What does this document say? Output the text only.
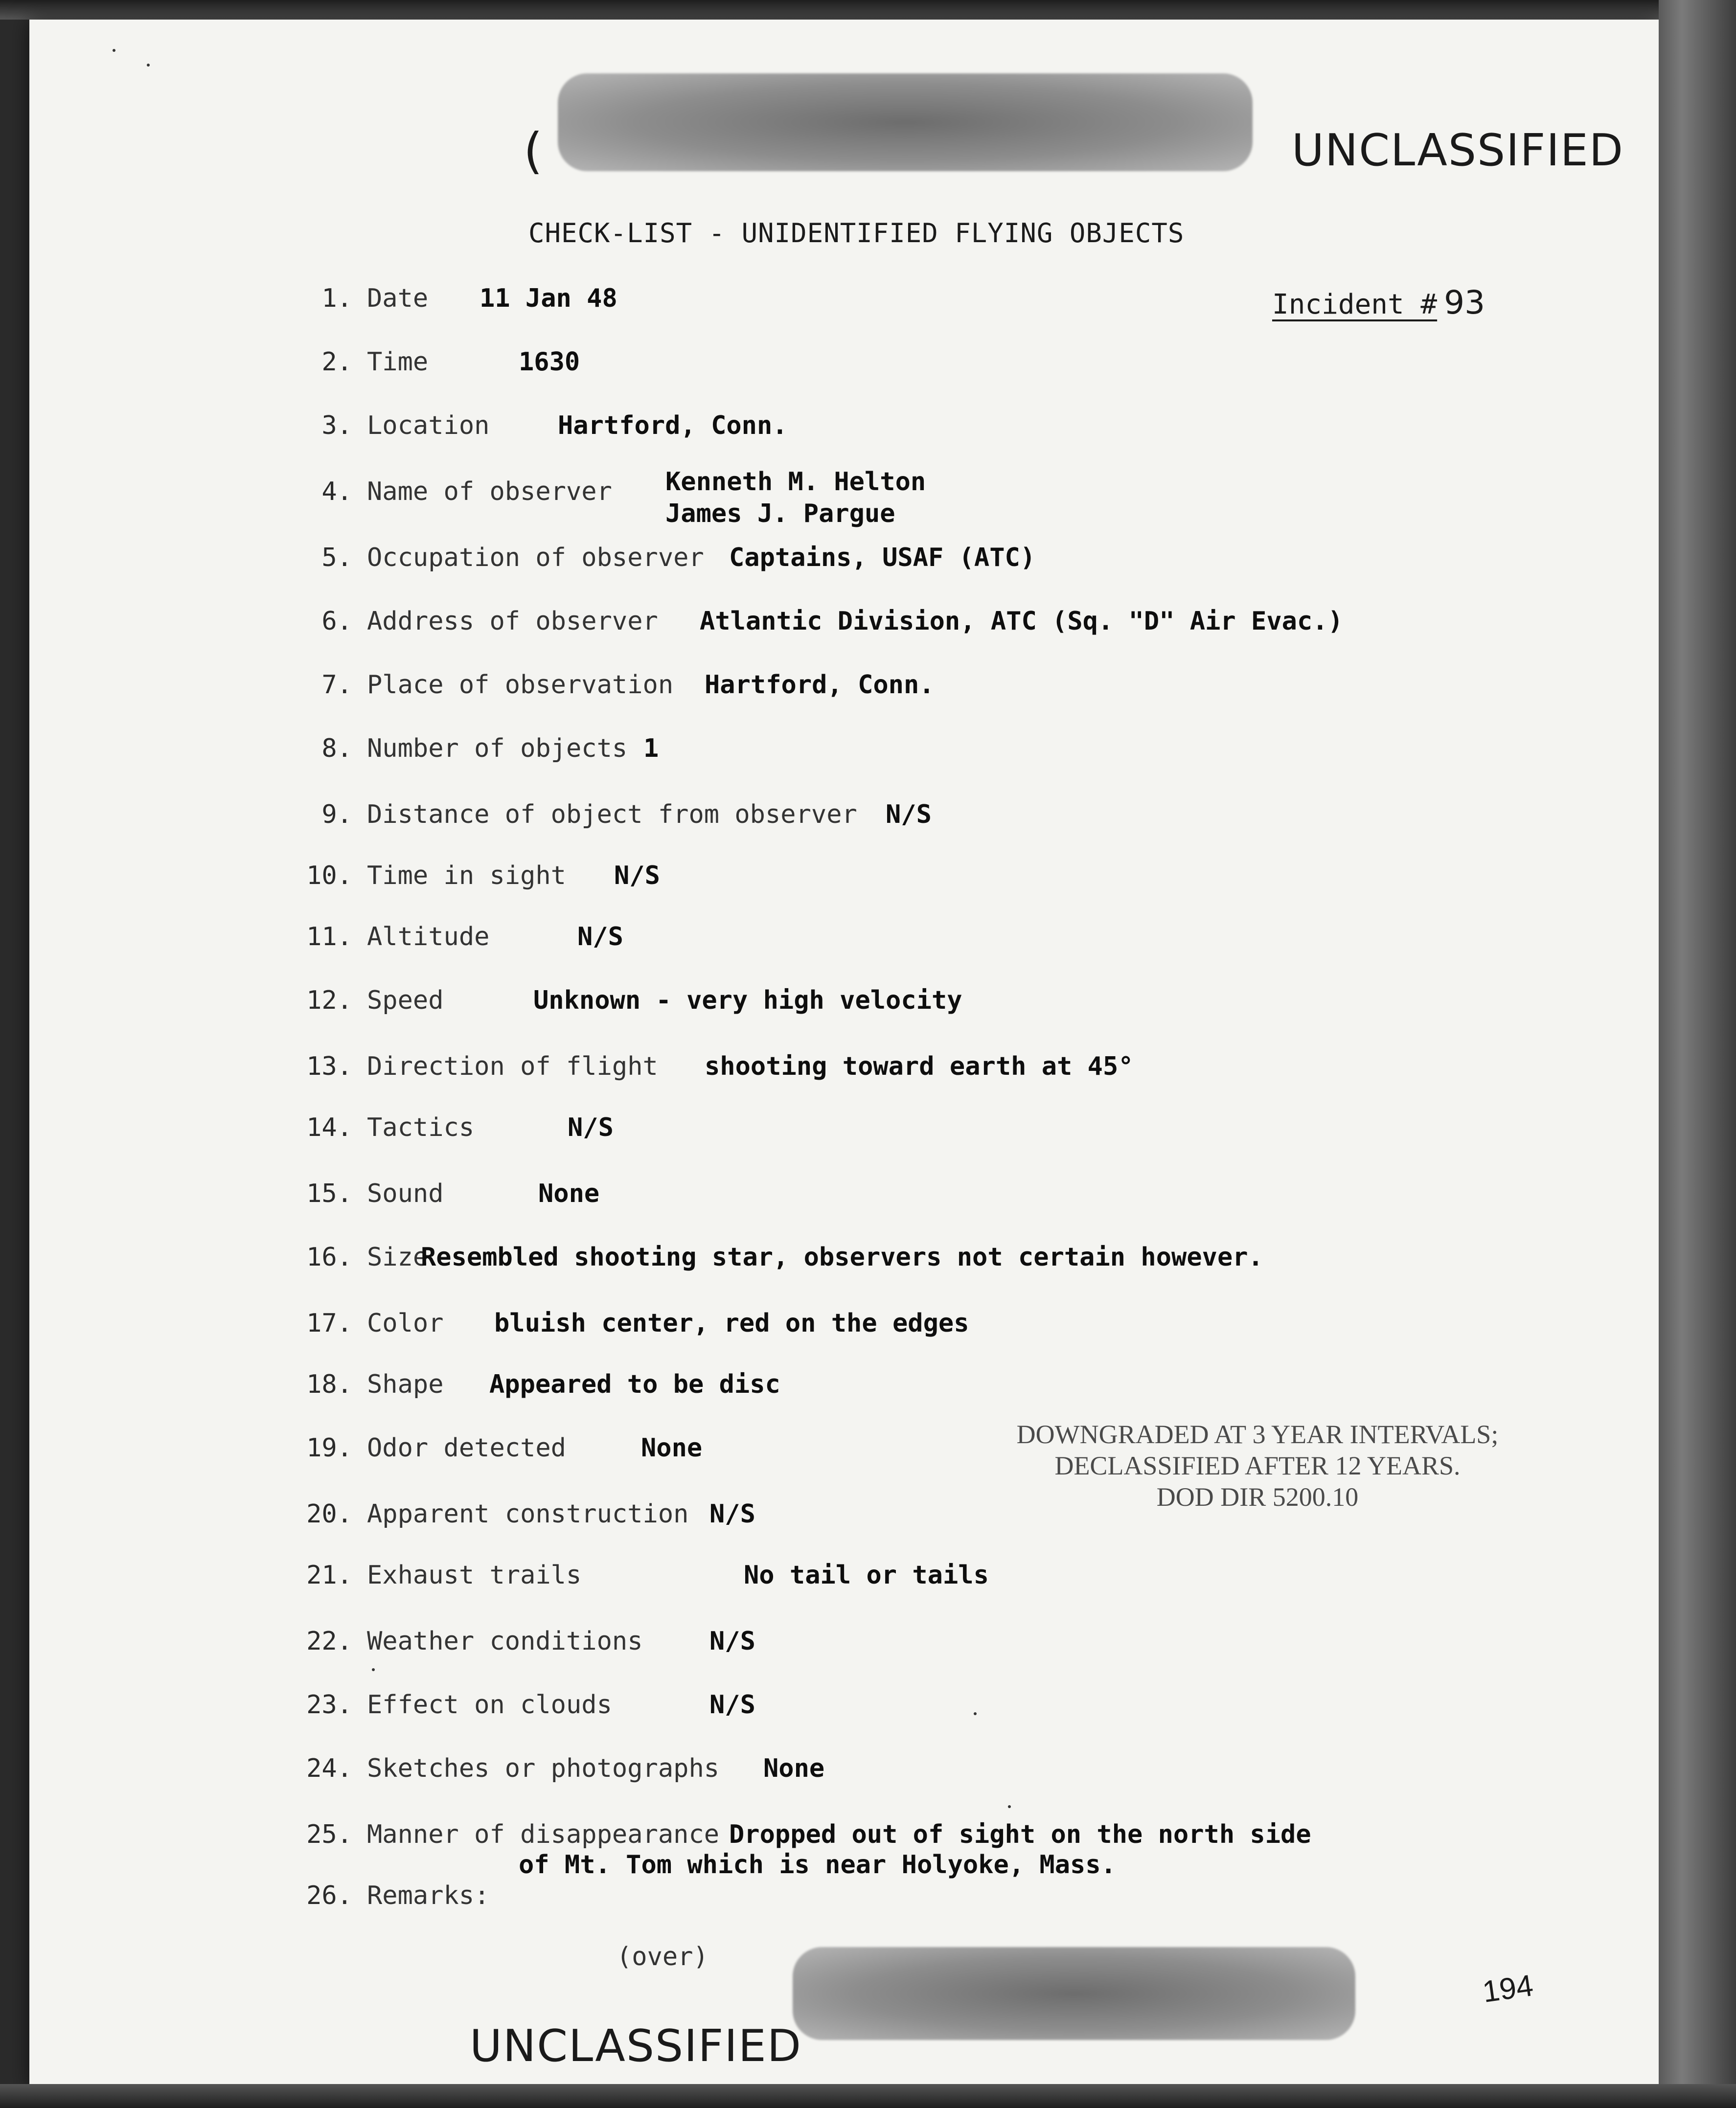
(	UNCLASSIFIED
CHECK-LIST - UNIDENTIFIED FLYING OBJECTS
Incident # 93
1. Date 11 Jan 48
2. Time	1630
3. Location	Hartford, Conn.
4. Name of observer Kenneth M. Helton
James J. Pargue
5. Occupation of observer Captains, USAF (ATC)
6. Address of observer Atlantic Division, ATC (Sq. "D" Air Evac.)
7. Place of observation Hartford, Conn.
8. Number of objects 1
9. Distance of object from observer N/S
10. Time in sight N/S
11. Altitude	N/S
12. Speed	Unknown - very high velocity
13. Direction of flight shooting toward earth at 45°
14. Tactics	N/S
15. Sound	None
16. Size
Resembled shooting star, observers not certain however.
17. Color bluish center, red on the edges
18. Shape Appeared to be disc
19. Odor detected	None
20. Apparent construction N/S
21. Exhaust trails	No tail or tails
22. Weather conditions	N/S
23. Effect on clouds	N/S
24. Sketches or photographs None
25. Manner of disappearance Dropped out of sight on the north side
of Mt. Tom which is near Holyoke, Mass.
26. Remarks:
DOWNGRADED AT 3 YEAR INTERVALS;
DECLASSIFIED AFTER 12 YEARS.
DOD DIR 5200.10
(over)
UNCLASSIFIED
194
